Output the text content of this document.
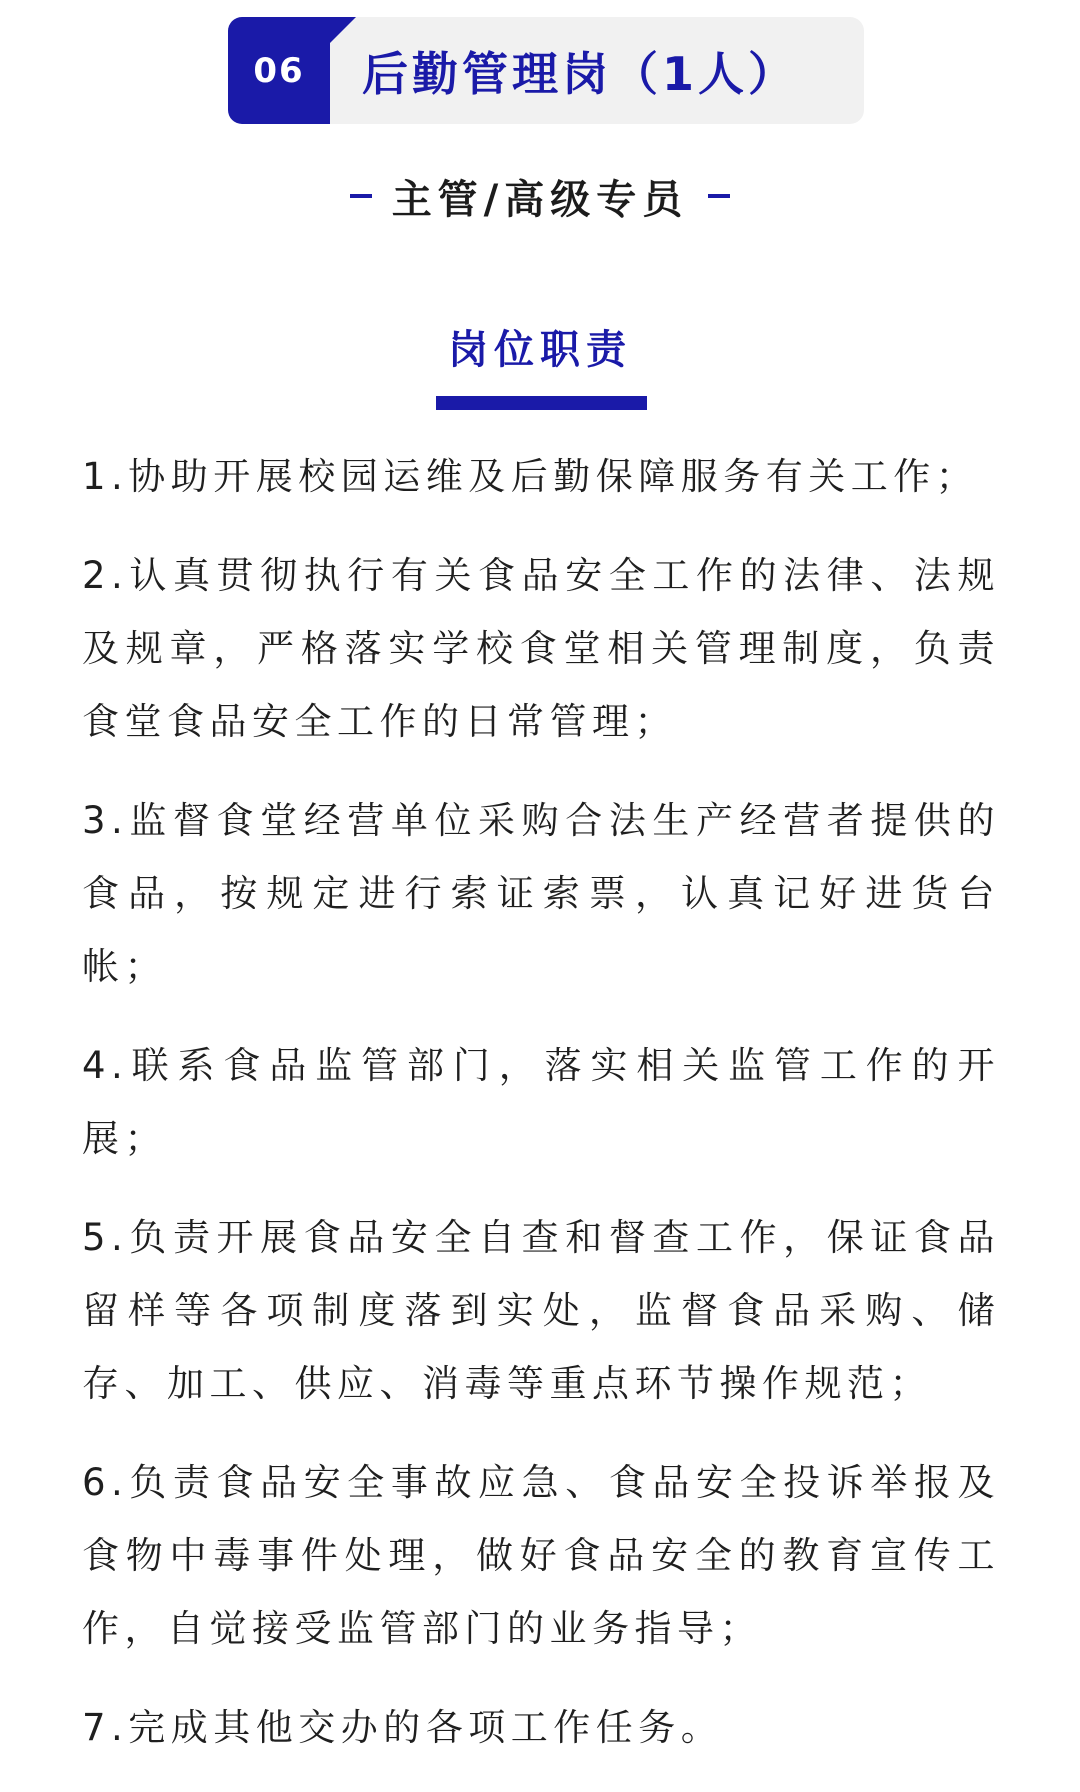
06 后勤管理岗（1人）
主管/高级专员
岗位职责
1.协助开展校园运维及后勤保障服务有关工作；
2.认真贯彻执行有关食品安全工作的法律、法规及规章，严格落实学校食堂相关管理制度，负责食堂食品安全工作的日常管理；
3.监督食堂经营单位采购合法生产经营者提供的食品，按规定进行索证索票，认真记好进货台帐；
4.联系食品监管部门，落实相关监管工作的开展；
5.负责开展食品安全自查和督查工作，保证食品留样等各项制度落到实处，监督食品采购、储存、加工、供应、消毒等重点环节操作规范；
6.负责食品安全事故应急、食品安全投诉举报及食物中毒事件处理，做好食品安全的教育宣传工作，自觉接受监管部门的业务指导；
7.完成其他交办的各项工作任务。
